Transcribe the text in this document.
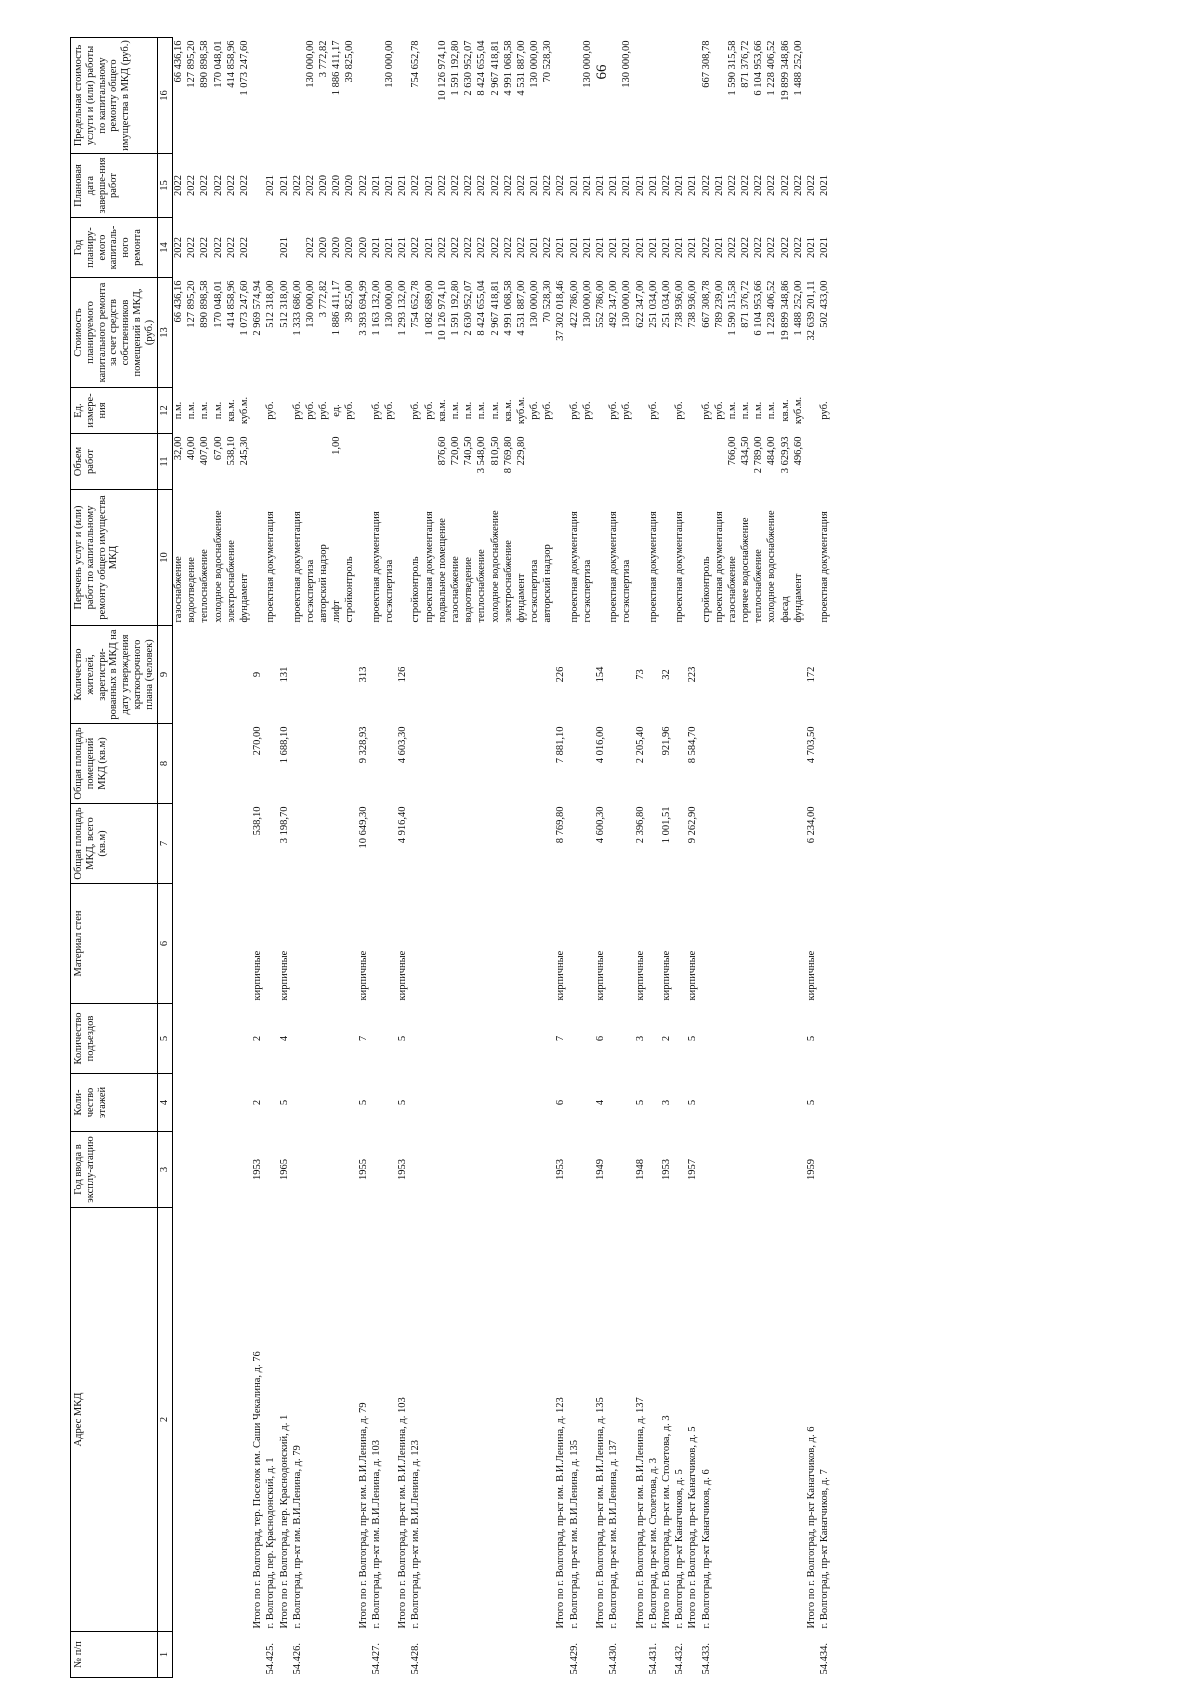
66
№ п/п	Адрес МКД	Год ввода в эксплу-атацию	Коли-чество этажей	Количество подъездов	Материал стен	Общая площадь МКД, всего (кв.м)	Общая площадь помещений МКД (кв.м)	Количество жителей, зарегистри-рованных в МКД на дату утверждения краткосрочного плана (человек)	Перечень услуг и (или) работ по капитальному ремонту общего имущества МКД	Объем работ	Ед. измере-ния	Стоимость планируемого капитального ремонта за счет средств собственников помещений в МКД, (руб.)	Год планиру-емого капиталь-ного ремонта	Плановая дата заверше-ния работ	Предельная стоимость услуги и (или) работы по капитальному ремонту общего имущества в МКД (руб.)
1	2	3	4	5	6	7	8	9	10	11	12	13	14	15	16
									газоснабжение	32,00	п.м.	66 436,16	2022	2022	66 436,16
									водоотведение	40,00	п.м.	127 895,20	2022	2022	127 895,20
									теплоснабжение	407,00	п.м.	890 898,58	2022	2022	890 898,58
									холодное водоснабжение	67,00	п.м.	170 048,01	2022	2022	170 048,01
									электроснабжение	538,10	кв.м.	414 858,96	2022	2022	414 858,96
									фундамент	245,30	куб.м.	1 073 247,60	2022	2022	1 073 247,60
	Итого по г. Волгоград, тер. Поселок им. Саши Чекалина, д. 76	1953	2	2	кирпичные	538,10	270,00	9				2 969 574,94			
54.425.	г. Волгоград, пер. Краснодонский, д. 1								проектная документация		руб.	512 318,00		2021	
	Итого по г. Волгоград, пер. Краснодонский, д. 1	1965	5	4	кирпичные	3 198,70	1 688,10	131				512 318,00	2021	2021	
54.426.	г. Волгоград, пр-кт им. В.И.Ленина, д. 79								проектная документация		руб.	1 333 686,00		2022	
									госэкспертиза		руб.	130 000,00	2022	2022	130 000,00
									авторский надзор		руб.	3 772,82	2020	2020	3 772,82
									лифт	1,00	ед.	1 886 411,17	2020	2020	1 886 411,17
									стройконтроль		руб.	39 825,00	2020	2020	39 825,00
	Итого по г. Волгоград, пр-кт им. В.И.Ленина, д. 79	1955	5	7	кирпичные	10 649,30	9 328,93	313				3 393 694,99	2020	2022	
54.427.	г. Волгоград, пр-кт им. В.И.Ленина, д. 103								проектная документация		руб.	1 163 132,00	2021	2021	
									госэкспертиза		руб.	130 000,00	2021	2021	130 000,00
	Итого по г. Волгоград, пр-кт им. В.И.Ленина, д. 103	1953	5	5	кирпичные	4 916,40	4 603,30	126				1 293 132,00	2021	2021	
54.428.	г. Волгоград, пр-кт им. В.И.Ленина, д. 123								стройконтроль		руб.	754 652,78	2022	2022	754 652,78
									проектная документация		руб.	1 082 689,00	2021	2021	
									подвальное помещение	876,60	кв.м.	10 126 974,10	2022	2022	10 126 974,10
									газоснабжение	720,00	п.м.	1 591 192,80	2022	2022	1 591 192,80
									водоотведение	740,50	п.м.	2 630 952,07	2022	2022	2 630 952,07
									теплоснабжение	3 548,00	п.м.	8 424 655,04	2022	2022	8 424 655,04
									холодное водоснабжение	810,50	п.м.	2 967 418,81	2022	2022	2 967 418,81
									электроснабжение	8 769,80	кв.м.	4 991 068,58	2022	2022	4 991 068,58
									фундамент	229,80	куб.м.	4 531 887,00	2022	2022	4 531 887,00
									госэкспертиза		руб.	130 000,00	2021	2021	130 000,00
									авторский надзор		руб.	70 528,30	2022	2022	70 528,30
	Итого по г. Волгоград, пр-кт им. В.И.Ленина, д. 123	1953	6	7	кирпичные	8 769,80	7 881,10	226				37 302 018,46	2021	2022	
54.429.	г. Волгоград, пр-кт им. В.И.Ленина, д. 135								проектная документация		руб.	422 786,00	2021	2021	
									госэкспертиза		руб.	130 000,00	2021	2021	130 000,00
	Итого по г. Волгоград, пр-кт им. В.И.Ленина, д. 135	1949	4	6	кирпичные	4 600,30	4 016,00	154				552 786,00	2021	2021	
54.430.	г. Волгоград, пр-кт им. В.И.Ленина, д. 137								проектная документация		руб.	492 347,00	2021	2021	
									госэкспертиза		руб.	130 000,00	2021	2021	130 000,00
	Итого по г. Волгоград, пр-кт им. В.И.Ленина, д. 137	1948	5	3	кирпичные	2 396,80	2 205,40	73				622 347,00	2021	2021	
54.431.	г. Волгоград, пр-кт им. Столетова, д. 3								проектная документация		руб.	251 034,00	2021	2021	
	Итого по г. Волгоград, пр-кт им. Столетова, д. 3	1953	3	2	кирпичные	1 001,51	921,96	32				251 034,00	2021	2022	
54.432.	г. Волгоград, пр-кт Канатчиков, д. 5								проектная документация		руб.	738 936,00	2021	2021	
	Итого по г. Волгоград, пр-кт Канатчиков, д. 5	1957	5	5	кирпичные	9 262,90	8 584,70	223				738 936,00	2021	2021	
54.433.	г. Волгоград, пр-кт Канатчиков, д. 6								стройконтроль		руб.	667 308,78	2022	2022	667 308,78
									проектная документация		руб.	789 239,00	2021	2021	
									газоснабжение	766,00	п.м.	1 590 315,58	2022	2022	1 590 315,58
									горячее водоснабжение	434,50	п.м.	871 376,72	2022	2022	871 376,72
									теплоснабжение	2 789,00	п.м.	6 104 953,66	2022	2022	6 104 953,66
									холодное водоснабжение	484,00	п.м.	1 228 406,52	2022	2022	1 228 406,52
									фасад	3 629,93	кв.м.	19 899 348,86	2022	2022	19 899 348,86
									фундамент	496,60	куб.м.	1 488 252,00	2022	2022	1 488 252,00
	Итого по г. Волгоград, пр-кт Канатчиков, д. 6	1959	5	5	кирпичные	6 234,00	4 703,50	172				32 639 201,11	2021	2022	
54.434.	г. Волгоград, пр-кт Канатчиков, д. 7								проектная документация		руб.	502 433,00	2021	2021	
